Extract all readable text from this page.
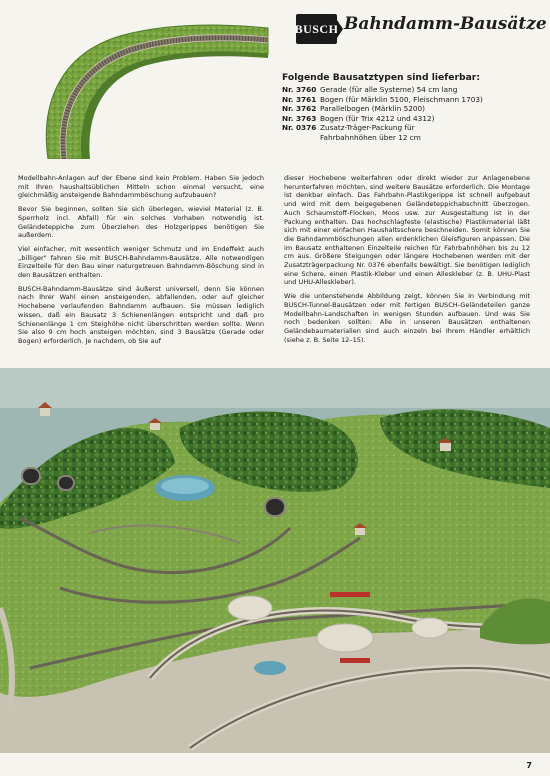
BUSCH Bahndamm-Bausätze
Folgende Bausatztypen sind lieferbar:
Nr. 3760 Gerade (für alle Systeme) 54 cm lang
Nr. 3761 Bogen (für Märklin 5100, Fleischmann 1703)
Nr. 3762 Parallelbogen (Märklin 5200)
Nr. 3763 Bogen (für Trix 4212 und 4312)
Nr. 0376 Zusatz-Träger-Packung für
Fahrbahnhöhen über 12 cm

Modellbahn-Anlagen auf der Ebene sind kein Problem. Haben Sie jedoch mit Ihren haushaltsüblichen Mitteln schon einmal versucht, eine gleichmäßig ansteigende Bahndammböschung aufzubauen?

Bevor Sie beginnen, sollten Sie sich überlegen, wieviel Material (z. B. Sperrholz incl. Abfall) für ein solches Vorhaben notwendig ist. Geländeteppiche zum Überziehen des Holzgerippes benötigen Sie außerdem.

Viel einfacher, mit wesentlich weniger Schmutz und im Endeffekt auch „billiger" fahren Sie mit BUSCH-Bahndamm-Bausätze. Alle notwendigen Einzelteile für den Bau einer naturgetreuen Bahndamm-Böschung sind in den Bausätzen enthalten.

BUSCH-Bahndamm-Bausätze sind äußerst universell, denn Sie können nach Ihrer Wahl einen ansteigenden, abfallenden, oder auf gleicher Hochebene verlaufenden Bahndamm aufbauen. Sie müssen lediglich wissen, daß ein Bausatz 3 Schienenlängen entspricht und daß pro Schienenlänge 1 cm Steighöhe nicht überschritten werden sollte. Wenn Sie also 9 cm hoch ansteigen möchten, sind 3 Bausätze (Gerade oder Bogen) erforderlich. Je nachdem, ob Sie auf

dieser Hochebene weiterfahren oder direkt wieder zur Anlagenebene herunterfahren möchten, sind weitere Bausätze erforderlich. Die Montage ist denkbar einfach. Das Fahrbahn-Plastikgerippe ist schnell aufgebaut und wird mit dem beigegebenen Geländeteppichabschnitt überzogen. Auch Schaumstoff-Flocken, Moos usw. zur Ausgestaltung ist in der Packung enthalten. Das hochschlagfeste (elastische) Plastikmaterial läßt sich mit einer einfachen Haushaltsschere beschneiden. Somit können Sie die Bahndammböschungen allen erdenklichen Gleisfiguren anpassen. Die im Bausatz enthaltenen Einzelteile reichen für Fahrbahnhöhen bis zu 12 cm aus. Größere Steigungen oder längere Hochebenen werden mit der Zusatzträgerpackung Nr. 0376 ebenfalls bewältigt. Sie benötigen lediglich eine Schere, einen Plastik-Kleber und einen Alleskleber (z. B. UHU-Plast und UHU-Alleskleber).

Wie die untenstehende Abbildung zeigt, können Sie in Verbindung mit BUSCH-Tunnel-Bausätzen oder mit fertigen BUSCH-Geländeteilen ganze Modellbahn-Landschaften in wenigen Stunden aufbauen. Und was Sie noch bedenken sollten: Alle in unseren Bausätzen enthaltenen Geländebaumaterialien sind auch einzeln bei Ihrem Händler erhältlich (siehe z. B. Seite 12–15).

7
